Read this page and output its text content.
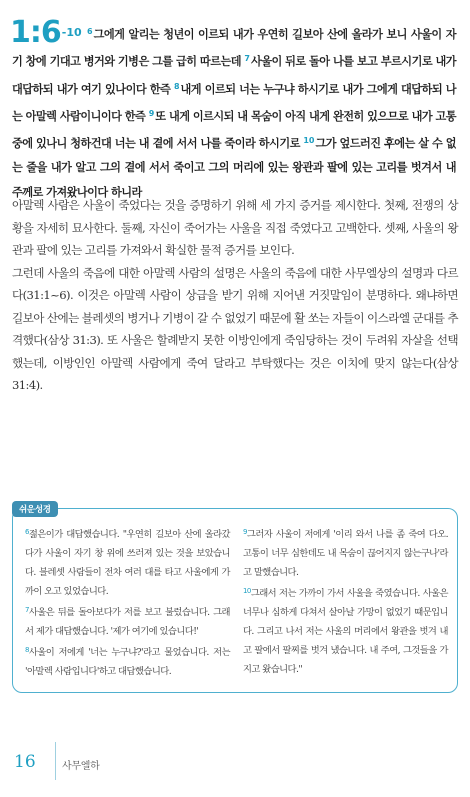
$1:6^{-10}$ $^6$그에게 알리는 청년이 이르되 내가 우연히 길보아 산에 올라가 보니 사울이 자기 창에 기대고 병거와 기병은 그를 급히 따르는데 $^7$사울이 뒤로 돌아 나를 보고 부르시기로 내가 대답하되 내가 여기 있나이다 한즉 $^8$내게 이르되 너는 누구냐 하시기로 내가 그에게 대답하되 나는 아말렉 사람이니이다 한즉 $^9$또 내게 이르시되 내 목숨이 아직 내게 완전히 있으므로 내가 고통 중에 있나니 청하건대 너는 내 곁에 서서 나를 죽이라 하시기로 $^{10}$그가 엎드러진 후에는 살 수 없는 줄을 내가 알고 그의 곁에 서서 죽이고 그의 머리에 있는 왕관과 팔에 있는 고리를 벗겨서 내 주께로 가져왔나이다 하니라

아말렉 사람은 사울이 죽었다는 것을 증명하기 위해 세 가지 증거를 제시한다. 첫째, 전쟁의 상황을 자세히 묘사한다. 둘째, 자신이 죽어가는 사울을 직접 죽였다고 고백한다. 셋째, 사울의 왕관과 팔에 있는 고리를 가져와서 확실한 물적 증거를 보인다.

그런데 사울의 죽음에 대한 아말렉 사람의 설명은 사울의 죽음에 대한 사무엘상의 설명과 다르다(31:1~6). 이것은 아말렉 사람이 상급을 받기 위해 지어낸 거짓말임이 분명하다. 왜냐하면 길보아 산에는 블레셋의 병거나 기병이 갈 수 없었기 때문에 활 쏘는 자들이 이스라엘 군대를 추격했다(삼상 31:3). 또 사울은 할례받지 못한 이방인에게 죽임당하는 것이 두려워 자살을 선택했는데, 이방인인 아말렉 사람에게 죽여 달라고 부탁했다는 것은 이치에 맞지 않는다(삼상 31:4).

쉬운성경

$^6$젊은이가 대답했습니다. "우연히 길보아 산에 올라갔다가 사울이 자기 창 위에 쓰러져 있는 것을 보았습니다. 블레셋 사람들이 전차 여러 대를 타고 사울에게 가까이 오고 있었습니다.

$^7$사울은 뒤를 돌아보다가 저를 보고 불렀습니다. 그래서 제가 대답했습니다. '제가 여기에 있습니다!'

$^8$사울이 저에게 '너는 누구냐?'라고 물었습니다. 저는 '아말렉 사람입니다'하고 대답했습니다.

$^9$그러자 사울이 저에게 '이리 와서 나를 좀 죽여 다오. 고통이 너무 심한데도 내 목숨이 끊어지지 않는구나'라고 말했습니다.

$^{10}$그래서 저는 가까이 가서 사울을 죽였습니다. 사울은 너무나 심하게 다쳐서 살아날 가망이 없었기 때문입니다. 그리고 나서 저는 사울의 머리에서 왕관을 벗겨 내고 팔에서 팔찌를 벗겨 냈습니다. 내 주여, 그것들을 가지고 왔습니다."

16	사무엘하
